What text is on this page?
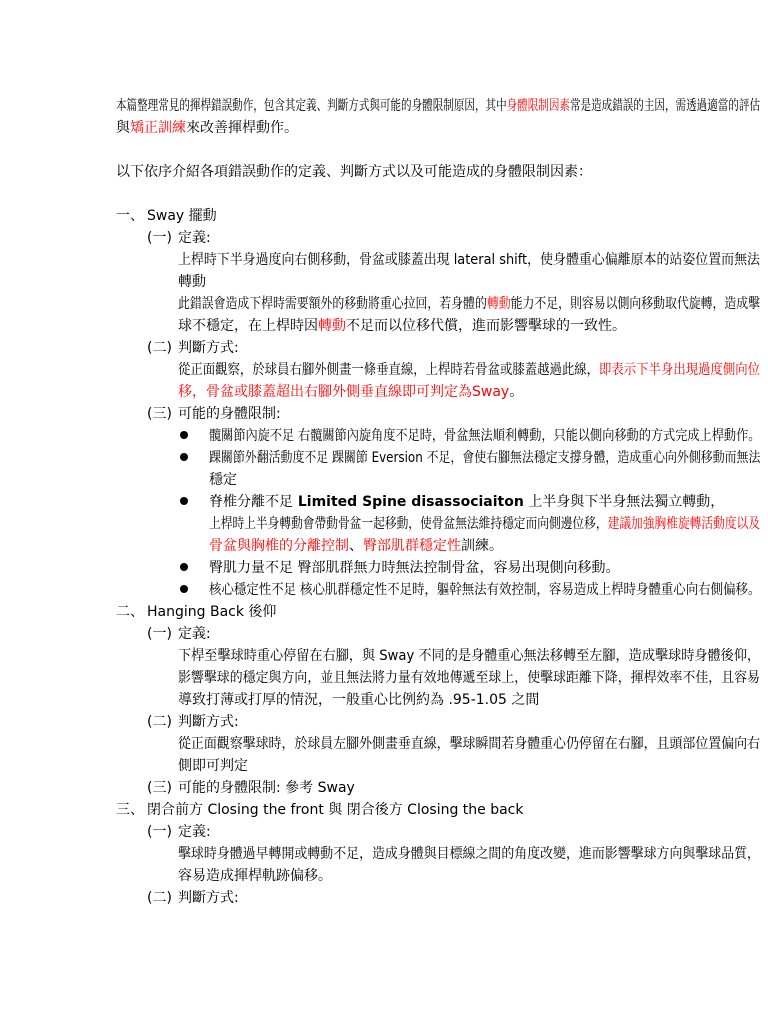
本篇整理常見的揮桿錯誤動作，包含其定義、判斷方式與可能的身體限制原因，其中身體限制因素常是造成錯誤的主因，需透過適當的評估
與矯正訓練來改善揮桿動作。
以下依序介紹各項錯誤動作的定義、判斷方式以及可能造成的身體限制因素：
一、 Sway 擺動
(一) 定義:
上桿時下半身過度向右側移動，骨盆或膝蓋出現 lateral shift，使身體重心偏離原本的站姿位置而無法
轉動
此錯誤會造成下桿時需要額外的移動將重心拉回，若身體的轉動能力不足，則容易以側向移動取代旋轉，造成擊
球不穩定，在上桿時因轉動不足而以位移代償，進而影響擊球的一致性。
(二) 判斷方式:
從正面觀察，於球員右腳外側畫一條垂直線，上桿時若骨盆或膝蓋越過此線，即表示下半身出現過度側向位
移，骨盆或膝蓋超出右腳外側垂直線即可判定為Sway。
(三) 可能的身體限制:
髖關節內旋不足 右髖關節內旋角度不足時，骨盆無法順利轉動，只能以側向移動的方式完成上桿動作。
踝關節外翻活動度不足 踝關節 Eversion 不足，會使右腳無法穩定支撐身體，造成重心向外側移動而無法
穩定
脊椎分離不足 Limited Spine disassociaiton 上半身與下半身無法獨立轉動，
上桿時上半身轉動會帶動骨盆一起移動，使骨盆無法維持穩定而向側邊位移，建議加強胸椎旋轉活動度以及
骨盆與胸椎的分離控制、臀部肌群穩定性訓練。
臀肌力量不足 臀部肌群無力時無法控制骨盆，容易出現側向移動。
核心穩定性不足 核心肌群穩定性不足時，軀幹無法有效控制，容易造成上桿時身體重心向右側偏移。
二、 Hanging Back 後仰
(一) 定義:
下桿至擊球時重心停留在右腳，與 Sway 不同的是身體重心無法移轉至左腳，造成擊球時身體後仰，
影響擊球的穩定與方向，並且無法將力量有效地傳遞至球上，使擊球距離下降，揮桿效率不佳，且容易
導致打薄或打厚的情況，一般重心比例約為 .95-1.05 之間
(二) 判斷方式:
從正面觀察擊球時，於球員左腳外側畫垂直線，擊球瞬間若身體重心仍停留在右腳，且頭部位置偏向右
側即可判定
(三) 可能的身體限制: 參考 Sway
三、 閉合前方 Closing the front 與 閉合後方 Closing the back
(一) 定義:
擊球時身體過早轉開或轉動不足，造成身體與目標線之間的角度改變，進而影響擊球方向與擊球品質，
容易造成揮桿軌跡偏移。
(二) 判斷方式:
